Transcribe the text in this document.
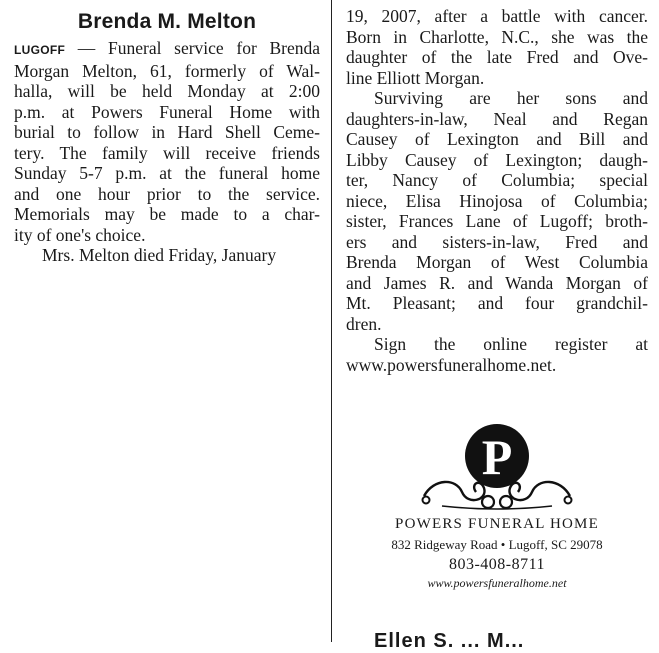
Brenda M. Melton
LUGOFF — Funeral service for Brenda
Morgan Melton, 61, formerly of Wal-
halla, will be held Monday at 2:00
p.m. at Powers Funeral Home with
burial to follow in Hard Shell Ceme-
tery. The family will receive friends
Sunday 5-7 p.m. at the funeral home
and one hour prior to the service.
Memorials may be made to a char-
ity of one's choice.
Mrs. Melton died Friday, January
19, 2007, after a battle with cancer.
Born in Charlotte, N.C., she was the
daughter of the late Fred and Ove-
line Elliott Morgan.
Surviving are her sons and
daughters-in-law, Neal and Regan
Causey of Lexington and Bill and
Libby Causey of Lexington; daugh-
ter, Nancy of Columbia; special
niece, Elisa Hinojosa of Columbia;
sister, Frances Lane of Lugoff; broth-
ers and sisters-in-law, Fred and
Brenda Morgan of West Columbia
and James R. and Wanda Morgan of
Mt. Pleasant; and four grandchil-
dren.
Sign the online register at
www.powersfuneralhome.net.
P
POWERS FUNERAL HOME
832 Ridgeway Road • Lugoff, SC 29078
803-408-8711
www.powersfuneralhome.net
Ellen S. ... M...
